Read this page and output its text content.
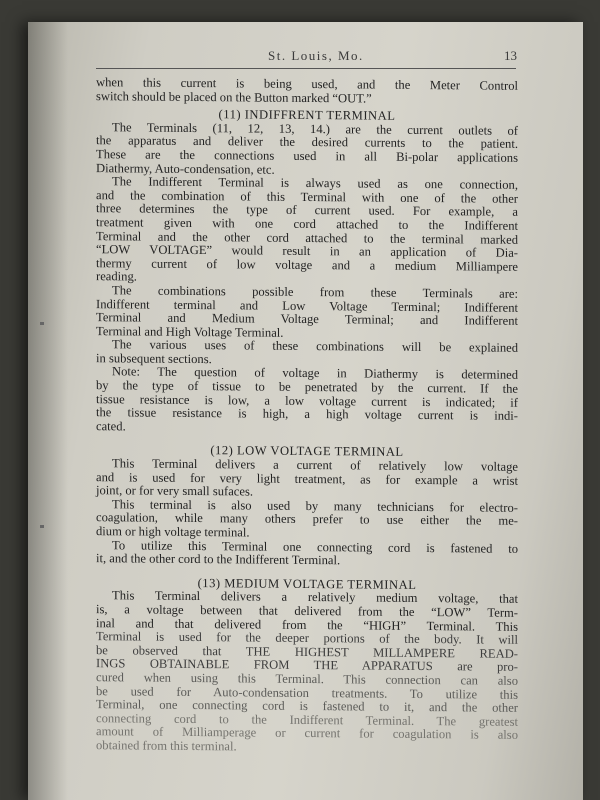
St. Louis, Mo.	13
when this current is being used, and the Meter Control
switch should be placed on the Button marked “OUT.”
(11) INDIFFRENT TERMINAL
The Terminals (11, 12, 13, 14.) are the current outlets of
the apparatus and deliver the desired currents to the patient.
These are the connections used in all Bi-polar applications
Diathermy, Auto-condensation, etc.
The Indifferent Terminal is always used as one connection,
and the combination of this Terminal with one of the other
three determines the type of current used. For example, a
treatment given with one cord attached to the Indifferent
Terminal and the other cord attached to the terminal marked
“LOW VOLTAGE” would result in an application of Dia-
thermy current of low voltage and a medium Milliampere
reading.
The combinations possible from these Terminals are:
Indifferent terminal and Low Voltage Terminal; Indifferent
Terminal and Medium Voltage Terminal; and Indifferent
Terminal and High Voltage Terminal.
The various uses of these combinations will be explained
in subsequent sections.
Note: The question of voltage in Diathermy is determined
by the type of tissue to be penetrated by the current. If the
tissue resistance is low, a low voltage current is indicated; if
the tissue resistance is high, a high voltage current is indi-
cated.
(12) LOW VOLTAGE TERMINAL
This Terminal delivers a current of relatively low voltage
and is used for very light treatment, as for example a wrist
joint, or for very small sufaces.
This terminal is also used by many technicians for electro-
coagulation, while many others prefer to use either the me-
dium or high voltage terminal.
To utilize this Terminal one connecting cord is fastened to
it, and the other cord to the Indifferent Terminal.
(13) MEDIUM VOLTAGE TERMINAL
This Terminal delivers a relatively medium voltage, that
is, a voltage between that delivered from the “LOW” Term-
inal and that delivered from the “HIGH” Terminal. This
Terminal is used for the deeper portions of the body. It will
be observed that THE HIGHEST MILLAMPERE READ-
INGS OBTAINABLE FROM THE APPARATUS are pro-
cured when using this Terminal. This connection can also
be used for Auto-condensation treatments. To utilize this
Terminal, one connecting cord is fastened to it, and the other
connecting cord to the Indifferent Terminal. The greatest
amount of Milliamperage or current for coagulation is also
obtained from this terminal.
